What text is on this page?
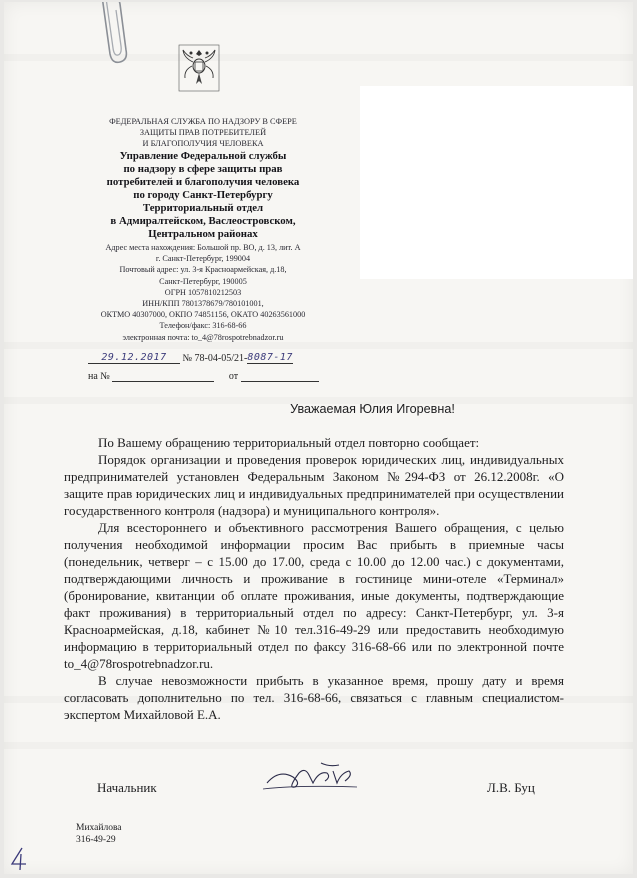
ФЕДЕРАЛЬНАЯ СЛУЖБА ПО НАДЗОРУ В СФЕРЕ
ЗАЩИТЫ ПРАВ ПОТРЕБИТЕЛЕЙ
И БЛАГОПОЛУЧИЯ ЧЕЛОВЕКА
Управление Федеральной службы
по надзору в сфере защиты прав
потребителей и благополучия человека
по городу Санкт-Петербургу
Территориальный отдел
в Адмиралтейском, Васлеостровском,
Центральном районах
Адрес места нахождения: Большой пр. ВО, д. 13, лит. А
г. Санкт-Петербург, 199004
Почтовый адрес: ул. 3-я Красноармейская, д.18,
Санкт-Петербург, 190005
ОГРН 1057810212503
ИНН/КПП 7801378679/780101001,
ОКТМО 40307000, ОКПО 74851156, ОКАТО 40263561000
Телефон/факс: 316-68-66
электронная почта: to_4@78rospotrebnadzor.ru
29.12.2017 № 78-04-05/21-8087-17
на №	от
Уважаемая Юлия Игоревна!

По Вашему обращению территориальный отдел повторно сообщает:

Порядок организации и проведения проверок юридических лиц, индивидуальных предпринимателей установлен Федеральным Законом №294-ФЗ от 26.12.2008г. «О защите прав юридических лиц и индивидуальных предпринимателей при осуществлении государственного контроля (надзора) и муниципального контроля».

Для всестороннего и объективного рассмотрения Вашего обращения, с целью получения необходимой информации просим Вас прибыть в приемные часы (понедельник, четверг – с 15.00 до 17.00, среда с 10.00 до 12.00 час.) с документами, подтверждающими личность и проживание в гостинице мини-отеле «Терминал» (бронирование, квитанции об оплате проживания, иные документы, подтверждающие факт проживания) в территориальный отдел по адресу: Санкт-Петербург, ул. 3-я Красноармейская, д.18, кабинет №10 тел.316-49-29 или предоставить необходимую информацию в территориальный отдел по факсу 316-68-66 или по электронной почте to_4@78rospotrebnadzor.ru.

В случае невозможности прибыть в указанное время, прошу дату и время согласовать дополнительно по тел. 316-68-66, связаться с главным специалистом-экспертом Михайловой Е.А.

Начальник	Л.В. Буц
Михайлова
316-49-29
